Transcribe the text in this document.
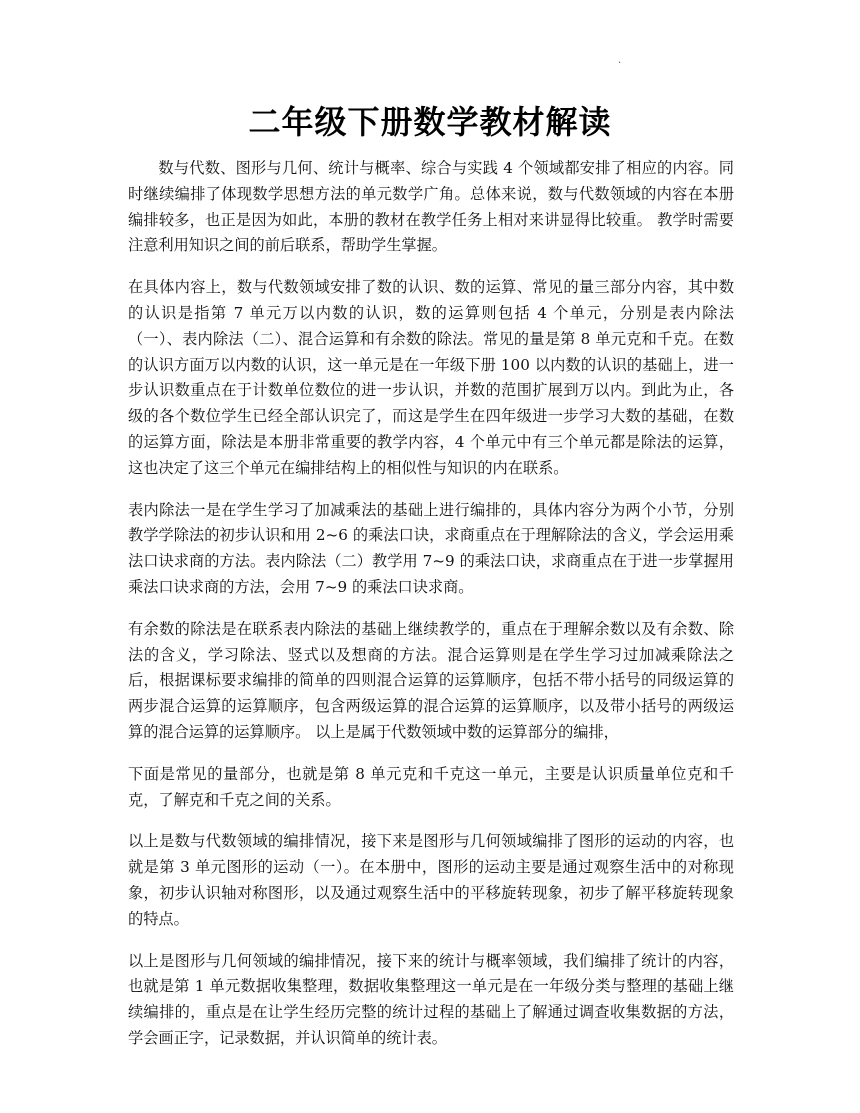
.
二年级下册数学教材解读

数与代数、图形与几何、统计与概率、综合与实践 4 个领域都安排了相应的内容。同时继续编排了体现数学思想方法的单元数学广角。总体来说，数与代数领域的内容在本册编排较多，也正是因为如此，本册的教材在教学任务上相对来讲显得比较重。 教学时需要注意利用知识之间的前后联系，帮助学生掌握。

在具体内容上，数与代数领域安排了数的认识、数的运算、常见的量三部分内容，其中数的认识是指第 7 单元万以内数的认识，数的运算则包括 4 个单元，分别是表内除法（一）、表内除法（二）、混合运算和有余数的除法。常见的量是第 8 单元克和千克。在数的认识方面万以内数的认识，这一单元是在一年级下册 100 以内数的认识的基础上，进一步认识数重点在于计数单位数位的进一步认识，并数的范围扩展到万以内。到此为止，各级的各个数位学生已经全部认识完了，而这是学生在四年级进一步学习大数的基础，在数的运算方面，除法是本册非常重要的教学内容，4 个单元中有三个单元都是除法的运算，这也决定了这三个单元在编排结构上的相似性与知识的内在联系。

表内除法一是在学生学习了加减乘法的基础上进行编排的，具体内容分为两个小节，分别教学学除法的初步认识和用 2~6 的乘法口诀，求商重点在于理解除法的含义，学会运用乘法口诀求商的方法。表内除法（二）教学用 7~9 的乘法口诀，求商重点在于进一步掌握用乘法口诀求商的方法，会用 7~9 的乘法口诀求商。

有余数的除法是在联系表内除法的基础上继续教学的，重点在于理解余数以及有余数、除法的含义，学习除法、竖式以及想商的方法。混合运算则是在学生学习过加减乘除法之后，根据课标要求编排的简单的四则混合运算的运算顺序，包括不带小括号的同级运算的两步混合运算的运算顺序，包含两级运算的混合运算的运算顺序，以及带小括号的两级运算的混合运算的运算顺序。 以上是属于代数领域中数的运算部分的编排，

下面是常见的量部分，也就是第 8 单元克和千克这一单元，主要是认识质量单位克和千克，了解克和千克之间的关系。

以上是数与代数领域的编排情况，接下来是图形与几何领域编排了图形的运动的内容，也就是第 3 单元图形的运动（一）。在本册中，图形的运动主要是通过观察生活中的对称现象，初步认识轴对称图形，以及通过观察生活中的平移旋转现象，初步了解平移旋转现象的特点。

以上是图形与几何领域的编排情况，接下来的统计与概率领域，我们编排了统计的内容，也就是第 1 单元数据收集整理，数据收集整理这一单元是在一年级分类与整理的基础上继续编排的，重点是在让学生经历完整的统计过程的基础上了解通过调查收集数据的方法，学会画正字，记录数据，并认识简单的统计表。
